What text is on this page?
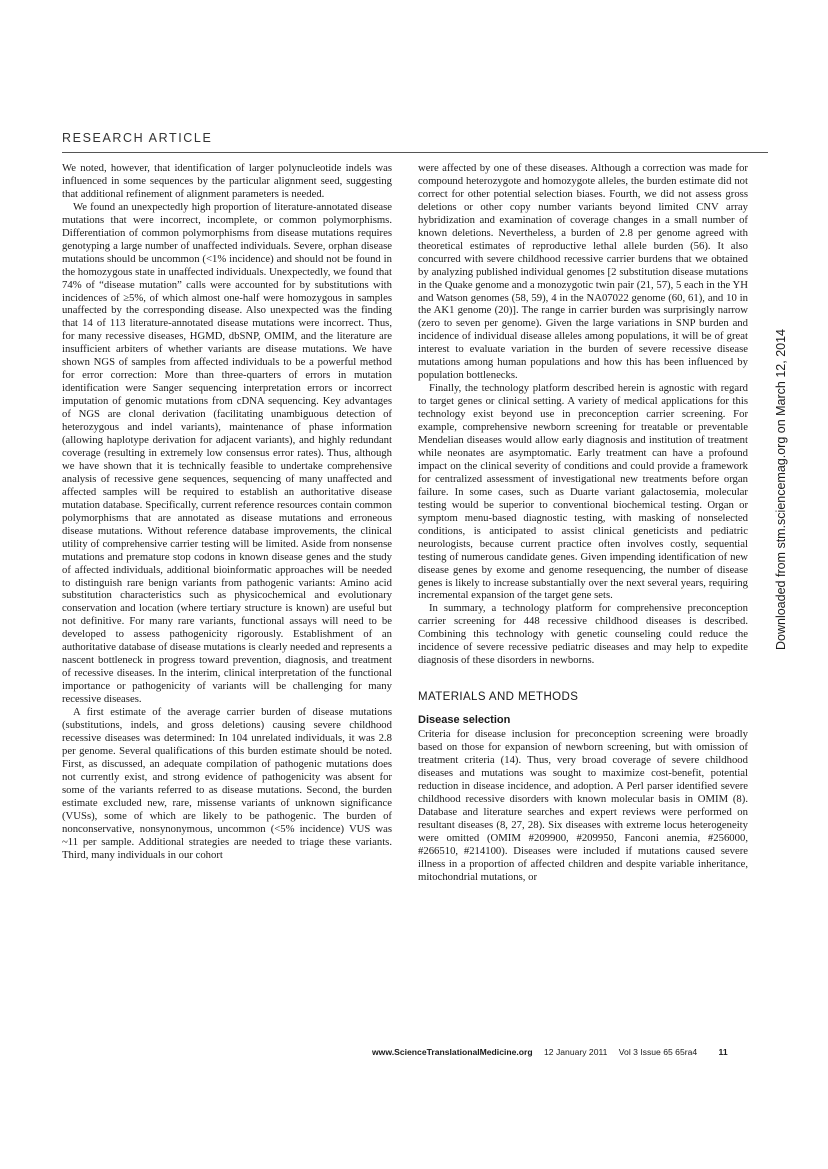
RESEARCH ARTICLE

We noted, however, that identification of larger polynucleotide indels was influenced in some sequences by the particular alignment seed, suggesting that additional refinement of alignment parameters is needed.

We found an unexpectedly high proportion of literature-annotated disease mutations that were incorrect, incomplete, or common polymorphisms. Differentiation of common polymorphisms from disease mutations requires genotyping a large number of unaffected individuals. Severe, orphan disease mutations should be uncommon (<1% incidence) and should not be found in the homozygous state in unaffected individuals. Unexpectedly, we found that 74% of “disease mutation” calls were accounted for by substitutions with incidences of ≥5%, of which almost one-half were homozygous in samples unaffected by the corresponding disease. Also unexpected was the finding that 14 of 113 literature-annotated disease mutations were incorrect. Thus, for many recessive diseases, HGMD, dbSNP, OMIM, and the literature are insufficient arbiters of whether variants are disease mutations. We have shown NGS of samples from affected individuals to be a powerful method for error correction: More than three-quarters of errors in mutation identification were Sanger sequencing interpretation errors or incorrect imputation of genomic mutations from cDNA sequencing. Key advantages of NGS are clonal derivation (facilitating unambiguous detection of heterozygous and indel variants), maintenance of phase information (allowing haplotype derivation for adjacent variants), and highly redundant coverage (resulting in extremely low consensus error rates). Thus, although we have shown that it is technically feasible to undertake comprehensive analysis of recessive gene sequences, sequencing of many unaffected and affected samples will be required to establish an authoritative disease mutation database. Specifically, current reference resources contain common polymorphisms that are annotated as disease mutations and erroneous disease mutations. Without reference database improvements, the clinical utility of comprehensive carrier testing will be limited. Aside from nonsense mutations and premature stop codons in known disease genes and the study of affected individuals, additional bioinformatic approaches will be needed to distinguish rare benign variants from pathogenic variants: Amino acid substitution characteristics such as physicochemical and evolutionary conservation and location (where tertiary structure is known) are useful but not definitive. For many rare variants, functional assays will need to be developed to assess pathogenicity rigorously. Establishment of an authoritative database of disease mutations is clearly needed and represents a nascent bottleneck in progress toward prevention, diagnosis, and treatment of recessive diseases. In the interim, clinical interpretation of the functional importance or pathogenicity of variants will be challenging for many recessive diseases.

A first estimate of the average carrier burden of disease mutations (substitutions, indels, and gross deletions) causing severe childhood recessive diseases was determined: In 104 unrelated individuals, it was 2.8 per genome. Several qualifications of this burden estimate should be noted. First, as discussed, an adequate compilation of pathogenic mutations does not currently exist, and strong evidence of pathogenicity was absent for some of the variants referred to as disease mutations. Second, the burden estimate excluded new, rare, missense variants of unknown significance (VUSs), some of which are likely to be pathogenic. The burden of nonconservative, nonsynonymous, uncommon (<5% incidence) VUS was ~11 per sample. Additional strategies are needed to triage these variants. Third, many individuals in our cohort

were affected by one of these diseases. Although a correction was made for compound heterozygote and homozygote alleles, the burden estimate did not correct for other potential selection biases. Fourth, we did not assess gross deletions or other copy number variants beyond limited CNV array hybridization and examination of coverage changes in a small number of known deletions. Nevertheless, a burden of 2.8 per genome agreed with theoretical estimates of reproductive lethal allele burden (56). It also concurred with severe childhood recessive carrier burdens that we obtained by analyzing published individual genomes [2 substitution disease mutations in the Quake genome and a monozygotic twin pair (21, 57), 5 each in the YH and Watson genomes (58, 59), 4 in the NA07022 genome (60, 61), and 10 in the AK1 genome (20)]. The range in carrier burden was surprisingly narrow (zero to seven per genome). Given the large variations in SNP burden and incidence of individual disease alleles among populations, it will be of great interest to evaluate variation in the burden of severe recessive disease mutations among human populations and how this has been influenced by population bottlenecks.

Finally, the technology platform described herein is agnostic with regard to target genes or clinical setting. A variety of medical applications for this technology exist beyond use in preconception carrier screening. For example, comprehensive newborn screening for treatable or preventable Mendelian diseases would allow early diagnosis and institution of treatment while neonates are asymptomatic. Early treatment can have a profound impact on the clinical severity of conditions and could provide a framework for centralized assessment of investigational new treatments before organ failure. In some cases, such as Duarte variant galactosemia, molecular testing would be superior to conventional biochemical testing. Organ or symptom menu-based diagnostic testing, with masking of nonselected conditions, is anticipated to assist clinical geneticists and pediatric neurologists, because current practice often involves costly, sequential testing of numerous candidate genes. Given impending identification of new disease genes by exome and genome resequencing, the number of disease genes is likely to increase substantially over the next several years, requiring incremental expansion of the target gene sets.

In summary, a technology platform for comprehensive preconception carrier screening for 448 recessive childhood diseases is described. Combining this technology with genetic counseling could reduce the incidence of severe recessive pediatric diseases and may help to expedite diagnosis of these disorders in newborns.

MATERIALS AND METHODS
Disease selection

Criteria for disease inclusion for preconception screening were broadly based on those for expansion of newborn screening, but with omission of treatment criteria (14). Thus, very broad coverage of severe childhood diseases and mutations was sought to maximize cost-benefit, potential reduction in disease incidence, and adoption. A Perl parser identified severe childhood recessive disorders with known molecular basis in OMIM (8). Database and literature searches and expert reviews were performed on resultant diseases (8, 27, 28). Six diseases with extreme locus heterogeneity were omitted (OMIM #209900, #209950, Fanconi anemia, #256000, #266510, #214100). Diseases were included if mutations caused severe illness in a proportion of affected children and despite variable inheritance, mitochondrial mutations, or

Downloaded from stm.sciencemag.org on March 12, 2014
www.ScienceTranslationalMedicine.org 12 January 2011 Vol 3 Issue 65 65ra4 11
